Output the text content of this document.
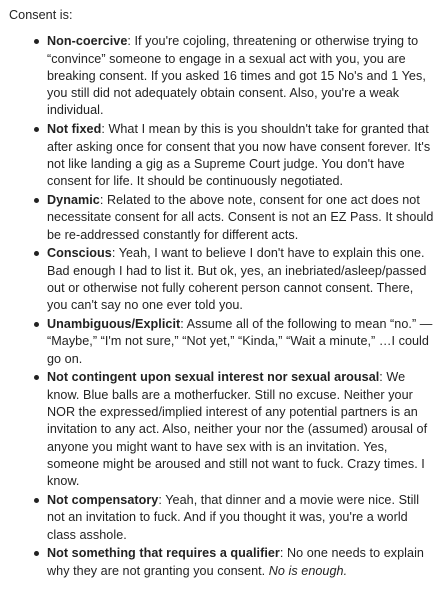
Consent is:

Non-coercive: If you're cojoling, threatening or otherwise trying to “convince” someone to engage in a sexual act with you, you are breaking consent. If you asked 16 times and got 15 No's and 1 Yes, you still did not adequately obtain consent. Also, you're a weak individual.
Not fixed: What I mean by this is you shouldn't take for granted that after asking once for consent that you now have consent forever. It's not like landing a gig as a Supreme Court judge. You don't have consent for life. It should be continuously negotiated.
Dynamic: Related to the above note, consent for one act does not necessitate consent for all acts. Consent is not an EZ Pass. It should be re-addressed constantly for different acts.
Conscious: Yeah, I want to believe I don't have to explain this one. Bad enough I had to list it. But ok, yes, an inebriated/asleep/passed out or otherwise not fully coherent person cannot consent. There, you can't say no one ever told you.
Unambiguous/Explicit: Assume all of the following to mean “no.” — “Maybe,” “I'm not sure,” “Not yet,” “Kinda,” “Wait a minute,” …I could go on.
Not contingent upon sexual interest nor sexual arousal: We know. Blue balls are a motherfucker. Still no excuse. Neither your NOR the expressed/implied interest of any potential partners is an invitation to any act. Also, neither your nor the (assumed) arousal of anyone you might want to have sex with is an invitation. Yes, someone might be aroused and still not want to fuck. Crazy times. I know.
Not compensatory: Yeah, that dinner and a movie were nice. Still not an invitation to fuck. And if you thought it was, you're a world class asshole.
Not something that requires a qualifier: No one needs to explain why they are not granting you consent. No is enough.
